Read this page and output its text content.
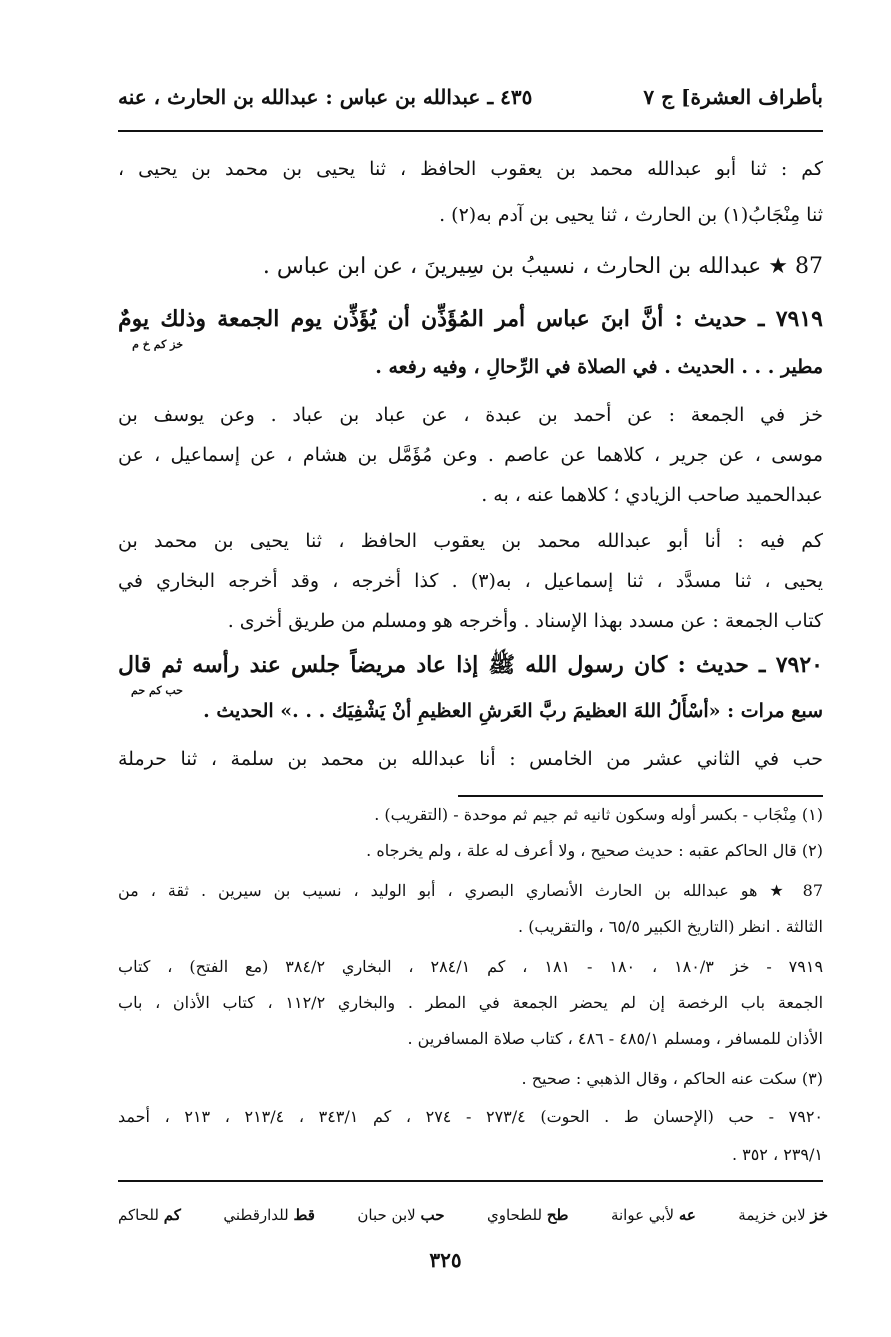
بأطراف العشرة] ج ٧
٤٣٥ ـ عبدالله بن عباس : عبدالله بن الحارث ، عنه
كم : ثنا أبو عبدالله محمد بن يعقوب الحافظ ، ثنا يحيى بن محمد بن يحيى ،
ثنا مِنْجَابُ(١) بن الحارث ، ثنا يحيى بن آدم به(٢) .
87 ★ عبدالله بن الحارث ، نسيبُ بن سِيرينَ ، عن ابن عباس .
٧٩١٩ ـ حديث : أنَّ ابنَ عباس أمر المُؤَذِّن أن يُؤَذِّن يوم الجمعة وذلك يومٌ
خز كم خ م
مطير . . . الحديث . في الصلاة في الرِّحالِ ، وفيه رفعه .
خز في الجمعة : عن أحمد بن عبدة ، عن عباد بن عباد . وعن يوسف بن
موسى ، عن جرير ، كلاهما عن عاصم . وعن مُؤَمَّل بن هشام ، عن إسماعيل ، عن
عبدالحميد صاحب الزيادي ؛ كلاهما عنه ، به .
كم فيه : أنا أبو عبدالله محمد بن يعقوب الحافظ ، ثنا يحيى بن محمد بن
يحيى ، ثنا مسدَّد ، ثنا إسماعيل ، به(٣) . كذا أخرجه ، وقد أخرجه البخاري في
كتاب الجمعة : عن مسدد بهذا الإسناد . وأخرجه هو ومسلم من طريق أخرى .
٧٩٢٠ ـ حديث : كان رسول الله ﷺ إذا عاد مريضاً جلس عند رأسه ثم قال
حب كم حم
سبع مرات : «أسْأَلُ اللهَ العظيمَ ربَّ العَرشِ العظيمِ أنْ يَشْفِيَك . . .» الحديث .
حب في الثاني عشر من الخامس : أنا عبدالله بن محمد بن سلمة ، ثنا حرملة
(١) مِنْجَاب - بكسر أوله وسكون ثانيه ثم جيم ثم موحدة - (التقريب) .
(٢) قال الحاكم عقبه : حديث صحيح ، ولا أعرف له علة ، ولم يخرجاه .
87 ★ هو عبدالله بن الحارث الأنصاري البصري ، أبو الوليد ، نسيب بن سيرين . ثقة ، من
الثالثة . انظر (التاريخ الكبير ٦٥/٥ ، والتقريب) .
٧٩١٩ - خز ١٨٠/٣ ، ١٨٠ - ١٨١ ، كم ٢٨٤/١ ، البخاري ٣٨٤/٢ (مع الفتح) ، كتاب
الجمعة باب الرخصة إن لم يحضر الجمعة في المطر . والبخاري ١١٢/٢ ، كتاب الأذان ، باب
الأذان للمسافر ، ومسلم ٤٨٥/١ - ٤٨٦ ، كتاب صلاة المسافرين .
(٣) سكت عنه الحاكم ، وقال الذهبي : صحيح .
٧٩٢٠ - حب (الإحسان ط . الحوت) ٢٧٣/٤ - ٢٧٤ ، كم ٣٤٣/١ ، ٢١٣/٤ ، ٢١٣ ، أحمد
٢٣٩/١ ، ٣٥٢ .
خز لابن خزيمة
عه لأبي عوانة
طح للطحاوي
حب لابن حبان
قط للدارقطني
كم للحاكم
٣٢٥
